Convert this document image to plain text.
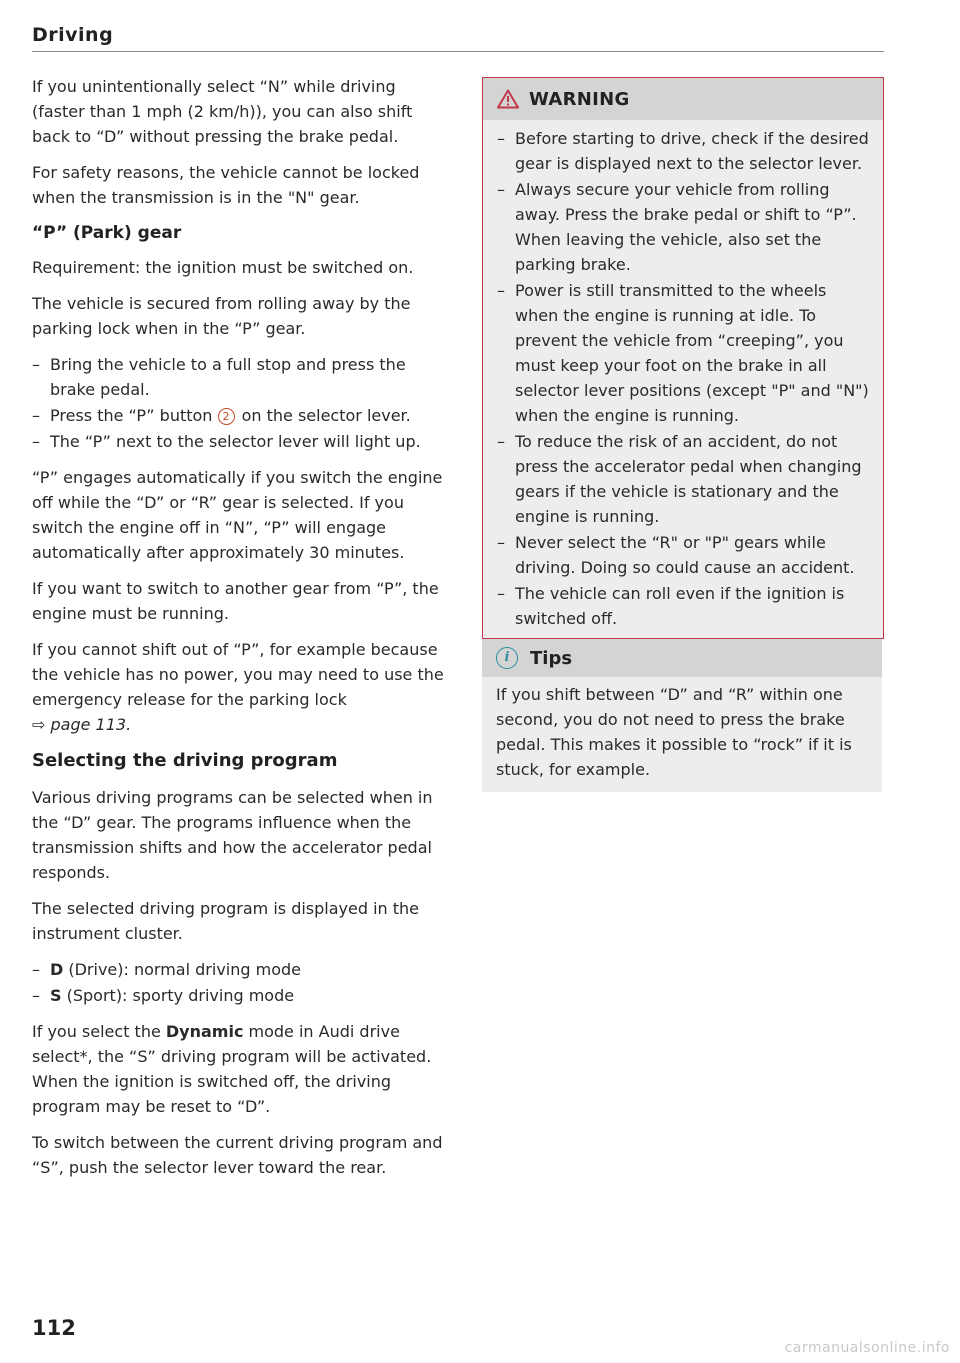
Driving

If you unintentionally select “N” while driving (faster than 1 mph (2 km/h)), you can also shift back to “D” without pressing the brake pedal.

For safety reasons, the vehicle cannot be locked when the transmission is in the "N" gear.

“P” (Park) gear

Requirement: the ignition must be switched on.

The vehicle is secured from rolling away by the parking lock when in the “P” gear.

– Bring the vehicle to a full stop and press the brake pedal.
– Press the “P” button 2 on the selector lever.
– The “P” next to the selector lever will light up.

“P” engages automatically if you switch the engine off while the “D” or “R” gear is selected. If you switch the engine off in “N”, “P” will engage automatically after approximately 30 minutes.

If you want to switch to another gear from “P”, the engine must be running.

If you cannot shift out of “P”, for example because the vehicle has no power, you may need to use the emergency release for the parking lock
⇨ page 113.

Selecting the driving program

Various driving programs can be selected when in the “D” gear. The programs influence when the transmission shifts and how the accelerator pedal responds.

The selected driving program is displayed in the instrument cluster.

– D (Drive): normal driving mode
– S (Sport): sporty driving mode

If you select the Dynamic mode in Audi drive select*, the “S” driving program will be activated. When the ignition is switched off, the driving program may be reset to “D”.

To switch between the current driving program and “S”, push the selector lever toward the rear.

WARNING
– Before starting to drive, check if the desired gear is displayed next to the selector lever.
– Always secure your vehicle from rolling away. Press the brake pedal or shift to “P”. When leaving the vehicle, also set the parking brake.
– Power is still transmitted to the wheels when the engine is running at idle. To prevent the vehicle from “creeping”, you must keep your foot on the brake in all selector lever positions (except "P" and "N") when the engine is running.
– To reduce the risk of an accident, do not press the accelerator pedal when changing gears if the vehicle is stationary and the engine is running.
– Never select the “R" or "P" gears while driving. Doing so could cause an accident.
– The vehicle can roll even if the ignition is switched off.
i	Tips

If you shift between “D” and “R” within one second, you do not need to press the brake pedal. This makes it possible to “rock” if it is stuck, for example.

112
carmanualsonline.info
